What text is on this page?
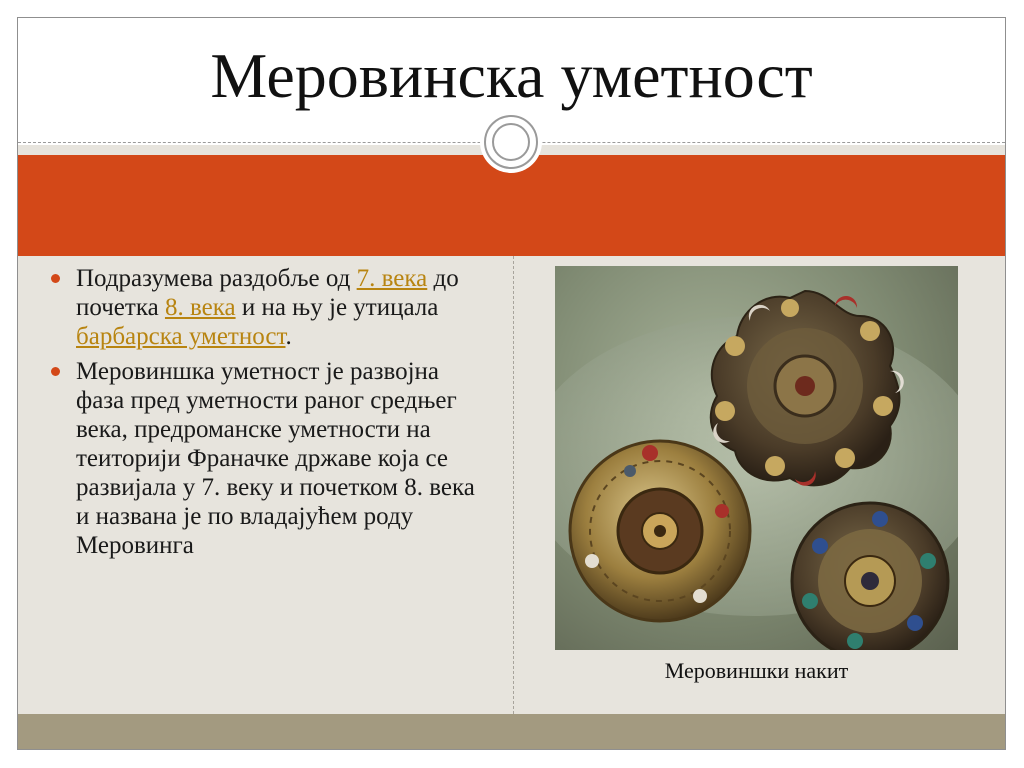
Меровинска уметност
Подразумева раздобље од 7. века до почетка 8. века и на њу је утицала барбарска уметност.
Меровиншка уметност је развојна фаза пред уметности раног средњег века, предроманске уметности на теиторији Франачке државе која се развијала у 7. веку и почетком 8. века и названа је по владајућем роду Меровинга
Меровиншки накит
